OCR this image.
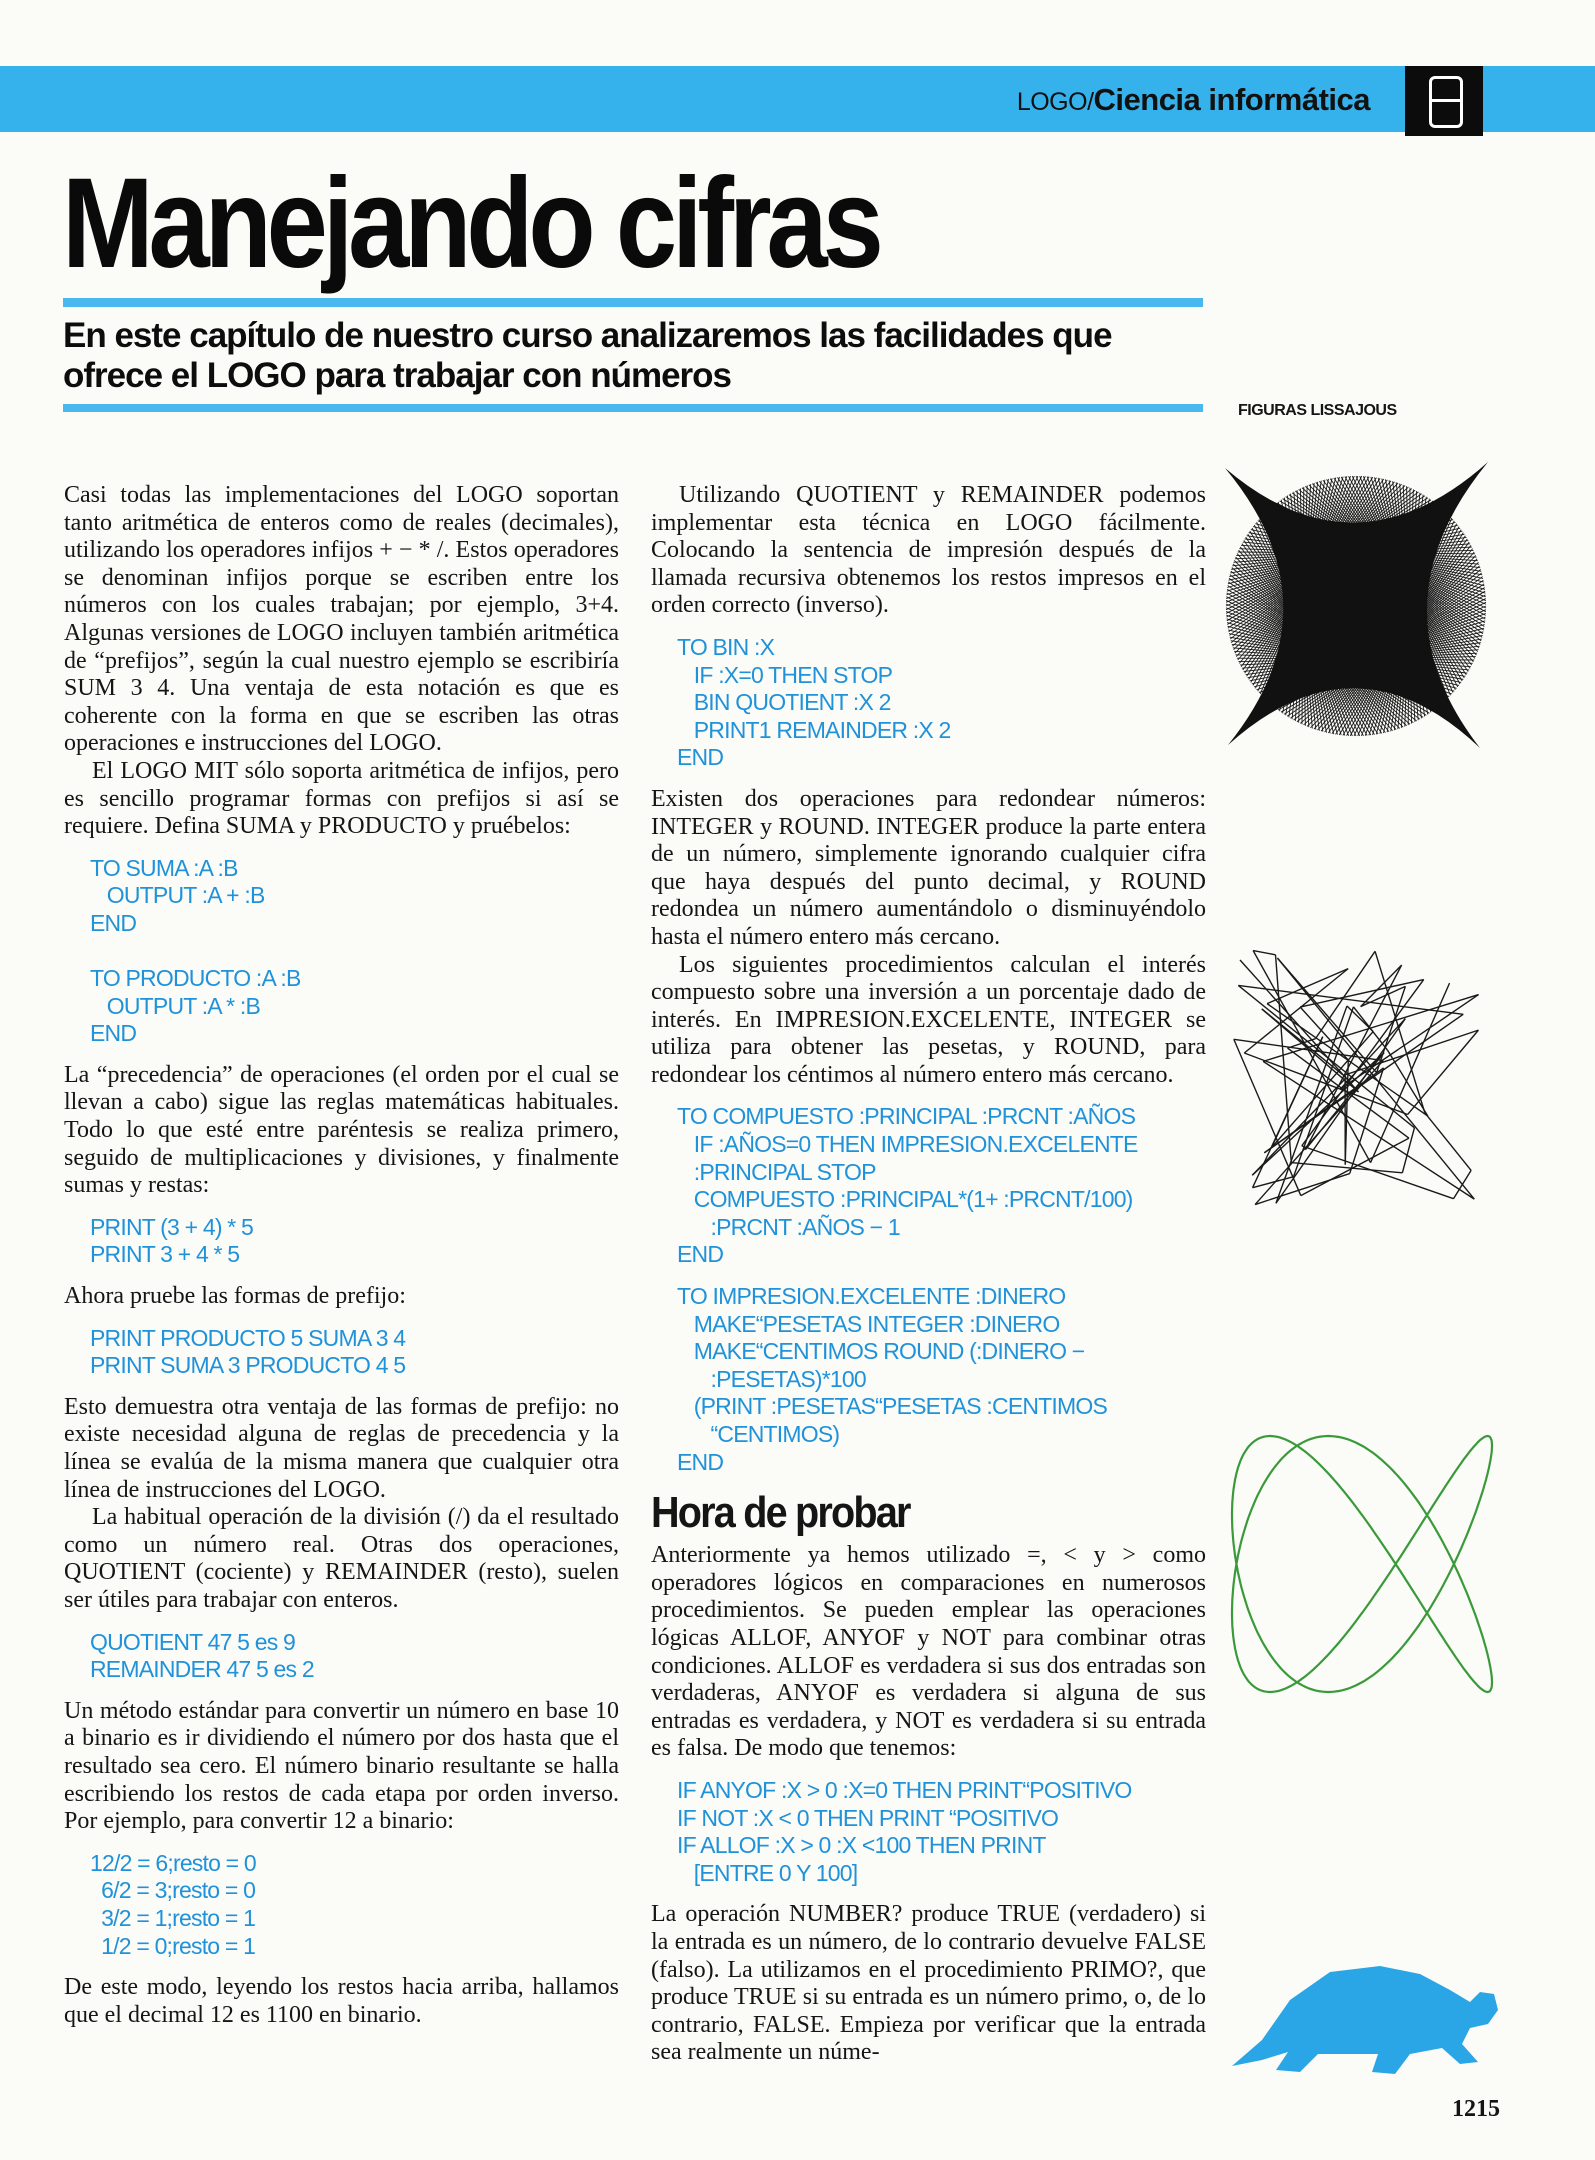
LOGO/Ciencia informática
Manejando cifras
En este capítulo de nuestro curso analizaremos las facilidades que ofrece el LOGO para trabajar con números
FIGURAS LISSAJOUS

Casi todas las implementaciones del LOGO soportan tanto aritmética de enteros como de reales (decimales), utilizando los operadores infijos + − * /. Estos operadores se denominan infijos porque se escriben entre los números con los cuales trabajan; por ejemplo, 3+4. Algunas versiones de LOGO incluyen también aritmética de “prefijos”, según la cual nuestro ejemplo se escribiría SUM 3 4. Una ventaja de esta notación es que es coherente con la forma en que se escriben las otras operaciones e instrucciones del LOGO.

El LOGO MIT sólo soporta aritmética de infijos, pero es sencillo programar formas con prefijos si así se requiere. Defina SUMA y PRODUCTO y pruébelos:

TO SUMA :A :B
OUTPUT :A + :B
END

TO PRODUCTO :A :B
OUTPUT :A * :B
END

La “precedencia” de operaciones (el orden por el cual se llevan a cabo) sigue las reglas matemáticas habituales. Todo lo que esté entre paréntesis se realiza primero, seguido de multiplicaciones y divisiones, y finalmente sumas y restas:

PRINT (3 + 4) * 5
PRINT 3 + 4 * 5

Ahora pruebe las formas de prefijo:

PRINT PRODUCTO 5 SUMA 3 4
PRINT SUMA 3 PRODUCTO 4 5

Esto demuestra otra ventaja de las formas de prefijo: no existe necesidad alguna de reglas de precedencia y la línea se evalúa de la misma manera que cualquier otra línea de instrucciones del LOGO.

La habitual operación de la división (/) da el resultado como un número real. Otras dos operaciones, QUOTIENT (cociente) y REMAINDER (resto), suelen ser útiles para trabajar con enteros.

QUOTIENT 47 5 es 9
REMAINDER 47 5 es 2

Un método estándar para convertir un número en base 10 a binario es ir dividiendo el número por dos hasta que el resultado sea cero. El número binario resultante se halla escribiendo los restos de cada etapa por orden inverso. Por ejemplo, para convertir 12 a binario:

12/2 = 6;resto = 0
6/2 = 3;resto = 0
3/2 = 1;resto = 1
1/2 = 0;resto = 1

De este modo, leyendo los restos hacia arriba, hallamos que el decimal 12 es 1100 en binario.

Utilizando QUOTIENT y REMAINDER podemos implementar esta técnica en LOGO fácilmente. Colocando la sentencia de impresión después de la llamada recursiva obtenemos los restos impresos en el orden correcto (inverso).

TO BIN :X
IF :X=0 THEN STOP
BIN QUOTIENT :X 2
PRINT1 REMAINDER :X 2
END

Existen dos operaciones para redondear números: INTEGER y ROUND. INTEGER produce la parte entera de un número, simplemente ignorando cualquier cifra que haya después del punto decimal, y ROUND redondea un número aumentándolo o disminuyéndolo hasta el número entero más cercano.

Los siguientes procedimientos calculan el interés compuesto sobre una inversión a un porcentaje dado de interés. En IMPRESION.EXCELENTE, INTEGER se utiliza para obtener las pesetas, y ROUND, para redondear los céntimos al número entero más cercano.

TO COMPUESTO :PRINCIPAL :PRCNT :AÑOS
IF :AÑOS=0 THEN IMPRESION.EXCELENTE
:PRINCIPAL STOP
COMPUESTO :PRINCIPAL*(1+ :PRCNT/100)
:PRCNT :AÑOS − 1
END
TO IMPRESION.EXCELENTE :DINERO
MAKE“PESETAS INTEGER :DINERO
MAKE“CENTIMOS ROUND (:DINERO −
:PESETAS)*100
(PRINT :PESETAS“PESETAS :CENTIMOS
“CENTIMOS)
END
Hora de probar

Anteriormente ya hemos utilizado =, < y > como operadores lógicos en comparaciones en numerosos procedimientos. Se pueden emplear las operaciones lógicas ALLOF, ANYOF y NOT para combinar otras condiciones. ALLOF es verdadera si sus dos entradas son verdaderas, ANYOF es verdadera si alguna de sus entradas es verdadera, y NOT es verdadera si su entrada es falsa. De modo que tenemos:

IF ANYOF :X > 0 :X=0 THEN PRINT“POSITIVO
IF NOT :X < 0 THEN PRINT “POSITIVO
IF ALLOF :X > 0 :X <100 THEN PRINT
[ENTRE 0 Y 100]

La operación NUMBER? produce TRUE (verdadero) si la entrada es un número, de lo contrario devuelve FALSE (falso). La utilizamos en el procedimiento PRIMO?, que produce TRUE si su entrada es un número primo, o, de lo contrario, FALSE. Empieza por verificar que la entrada sea realmente un núme-

1215
